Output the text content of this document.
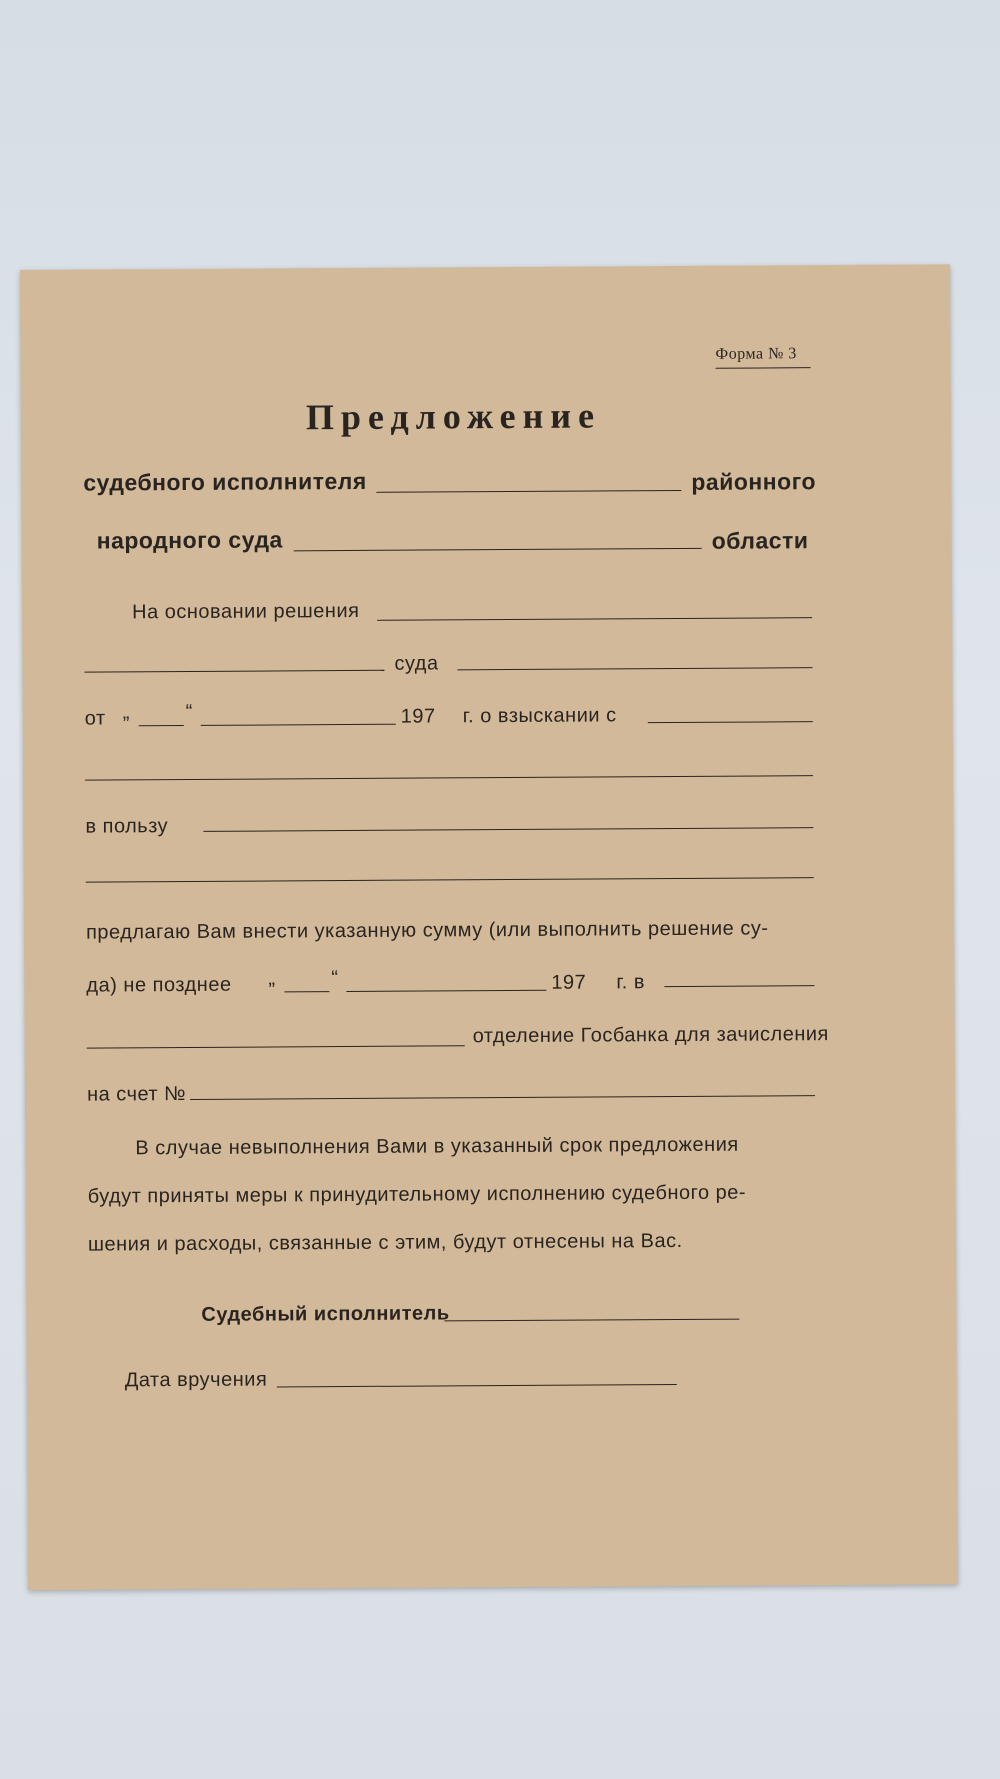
Форма № 3
Предложение
судебного исполнителя	районного
народного суда	области
На основании решения
суда
от „	“	197 г. о взыскании с
в пользу
предлагаю Вам внести указанную сумму (или выполнить решение су-
да) не позднее „	“	197 г. в
отделение Госбанка для зачисления
на счет №
В случае невыполнения Вами в указанный срок предложения
будут приняты меры к принудительному исполнению судебного ре-
шения и расходы, связанные с этим, будут отнесены на Вас.
Судебный исполнитель
Дата вручения
